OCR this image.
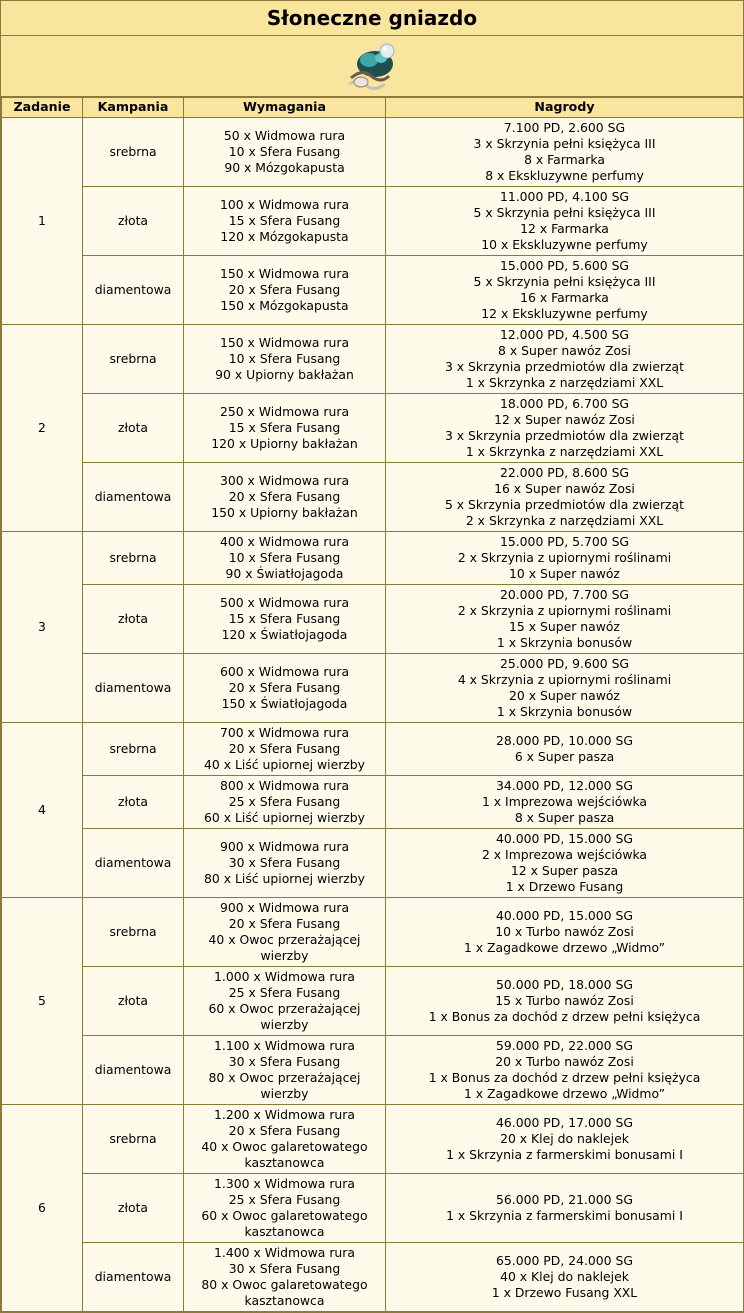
Słoneczne gniazdo
Zadanie	Kampania	Wymagania	Nagrody
1	srebrna	50 x Widmowa rura
10 x Sfera Fusang
90 x Mózgokapusta	7.100 PD, 2.600 SG
3 x Skrzynia pełni księżyca III
8 x Farmarka
8 x Ekskluzywne perfumy

	złota	100 x Widmowa rura
15 x Sfera Fusang
120 x Mózgokapusta	11.000 PD, 4.100 SG
5 x Skrzynia pełni księżyca III
12 x Farmarka
10 x Ekskluzywne perfumy

	diamentowa	150 x Widmowa rura
20 x Sfera Fusang
150 x Mózgokapusta	15.000 PD, 5.600 SG
5 x Skrzynia pełni księżyca III
16 x Farmarka
12 x Ekskluzywne perfumy

2	srebrna	150 x Widmowa rura
10 x Sfera Fusang
90 x Upiorny bakłażan	12.000 PD, 4.500 SG
8 x Super nawóz Zosi
3 x Skrzynia przedmiotów dla zwierząt
1 x Skrzynka z narzędziami XXL

	złota	250 x Widmowa rura
15 x Sfera Fusang
120 x Upiorny bakłażan	18.000 PD, 6.700 SG
12 x Super nawóz Zosi
3 x Skrzynia przedmiotów dla zwierząt
1 x Skrzynka z narzędziami XXL

	diamentowa	300 x Widmowa rura
20 x Sfera Fusang
150 x Upiorny bakłażan	22.000 PD, 8.600 SG
16 x Super nawóz Zosi
5 x Skrzynia przedmiotów dla zwierząt
2 x Skrzynka z narzędziami XXL

3	srebrna	400 x Widmowa rura
10 x Sfera Fusang
90 x Światłojagoda	15.000 PD, 5.700 SG
2 x Skrzynia z upiornymi roślinami
10 x Super nawóz

	złota	500 x Widmowa rura
15 x Sfera Fusang
120 x Światłojagoda	20.000 PD, 7.700 SG
2 x Skrzynia z upiornymi roślinami
15 x Super nawóz
1 x Skrzynia bonusów

	diamentowa	600 x Widmowa rura
20 x Sfera Fusang
150 x Światłojagoda	25.000 PD, 9.600 SG
4 x Skrzynia z upiornymi roślinami
20 x Super nawóz
1 x Skrzynia bonusów

4	srebrna	700 x Widmowa rura
20 x Sfera Fusang
40 x Liść upiornej wierzby	28.000 PD, 10.000 SG
6 x Super pasza

	złota	800 x Widmowa rura
25 x Sfera Fusang
60 x Liść upiornej wierzby	34.000 PD, 12.000 SG
1 x Imprezowa wejściówka
8 x Super pasza

	diamentowa	900 x Widmowa rura
30 x Sfera Fusang
80 x Liść upiornej wierzby	40.000 PD, 15.000 SG
2 x Imprezowa wejściówka
12 x Super pasza
1 x Drzewo Fusang

5	srebrna	900 x Widmowa rura
20 x Sfera Fusang
40 x Owoc przerażającej
wierzby	40.000 PD, 15.000 SG
10 x Turbo nawóz Zosi
1 x Zagadkowe drzewo „Widmo”

	złota	1.000 x Widmowa rura
25 x Sfera Fusang
60 x Owoc przerażającej
wierzby	50.000 PD, 18.000 SG
15 x Turbo nawóz Zosi
1 x Bonus za dochód z drzew pełni księżyca

	diamentowa	1.100 x Widmowa rura
30 x Sfera Fusang
80 x Owoc przerażającej
wierzby	59.000 PD, 22.000 SG
20 x Turbo nawóz Zosi
1 x Bonus za dochód z drzew pełni księżyca
1 x Zagadkowe drzewo „Widmo”

6	srebrna	1.200 x Widmowa rura
20 x Sfera Fusang
40 x Owoc galaretowatego
kasztanowca	46.000 PD, 17.000 SG
20 x Klej do naklejek
1 x Skrzynia z farmerskimi bonusami I

	złota	1.300 x Widmowa rura
25 x Sfera Fusang
60 x Owoc galaretowatego
kasztanowca	56.000 PD, 21.000 SG
1 x Skrzynia z farmerskimi bonusami I

	diamentowa	1.400 x Widmowa rura
30 x Sfera Fusang
80 x Owoc galaretowatego
kasztanowca	65.000 PD, 24.000 SG
40 x Klej do naklejek
1 x Drzewo Fusang XXL
